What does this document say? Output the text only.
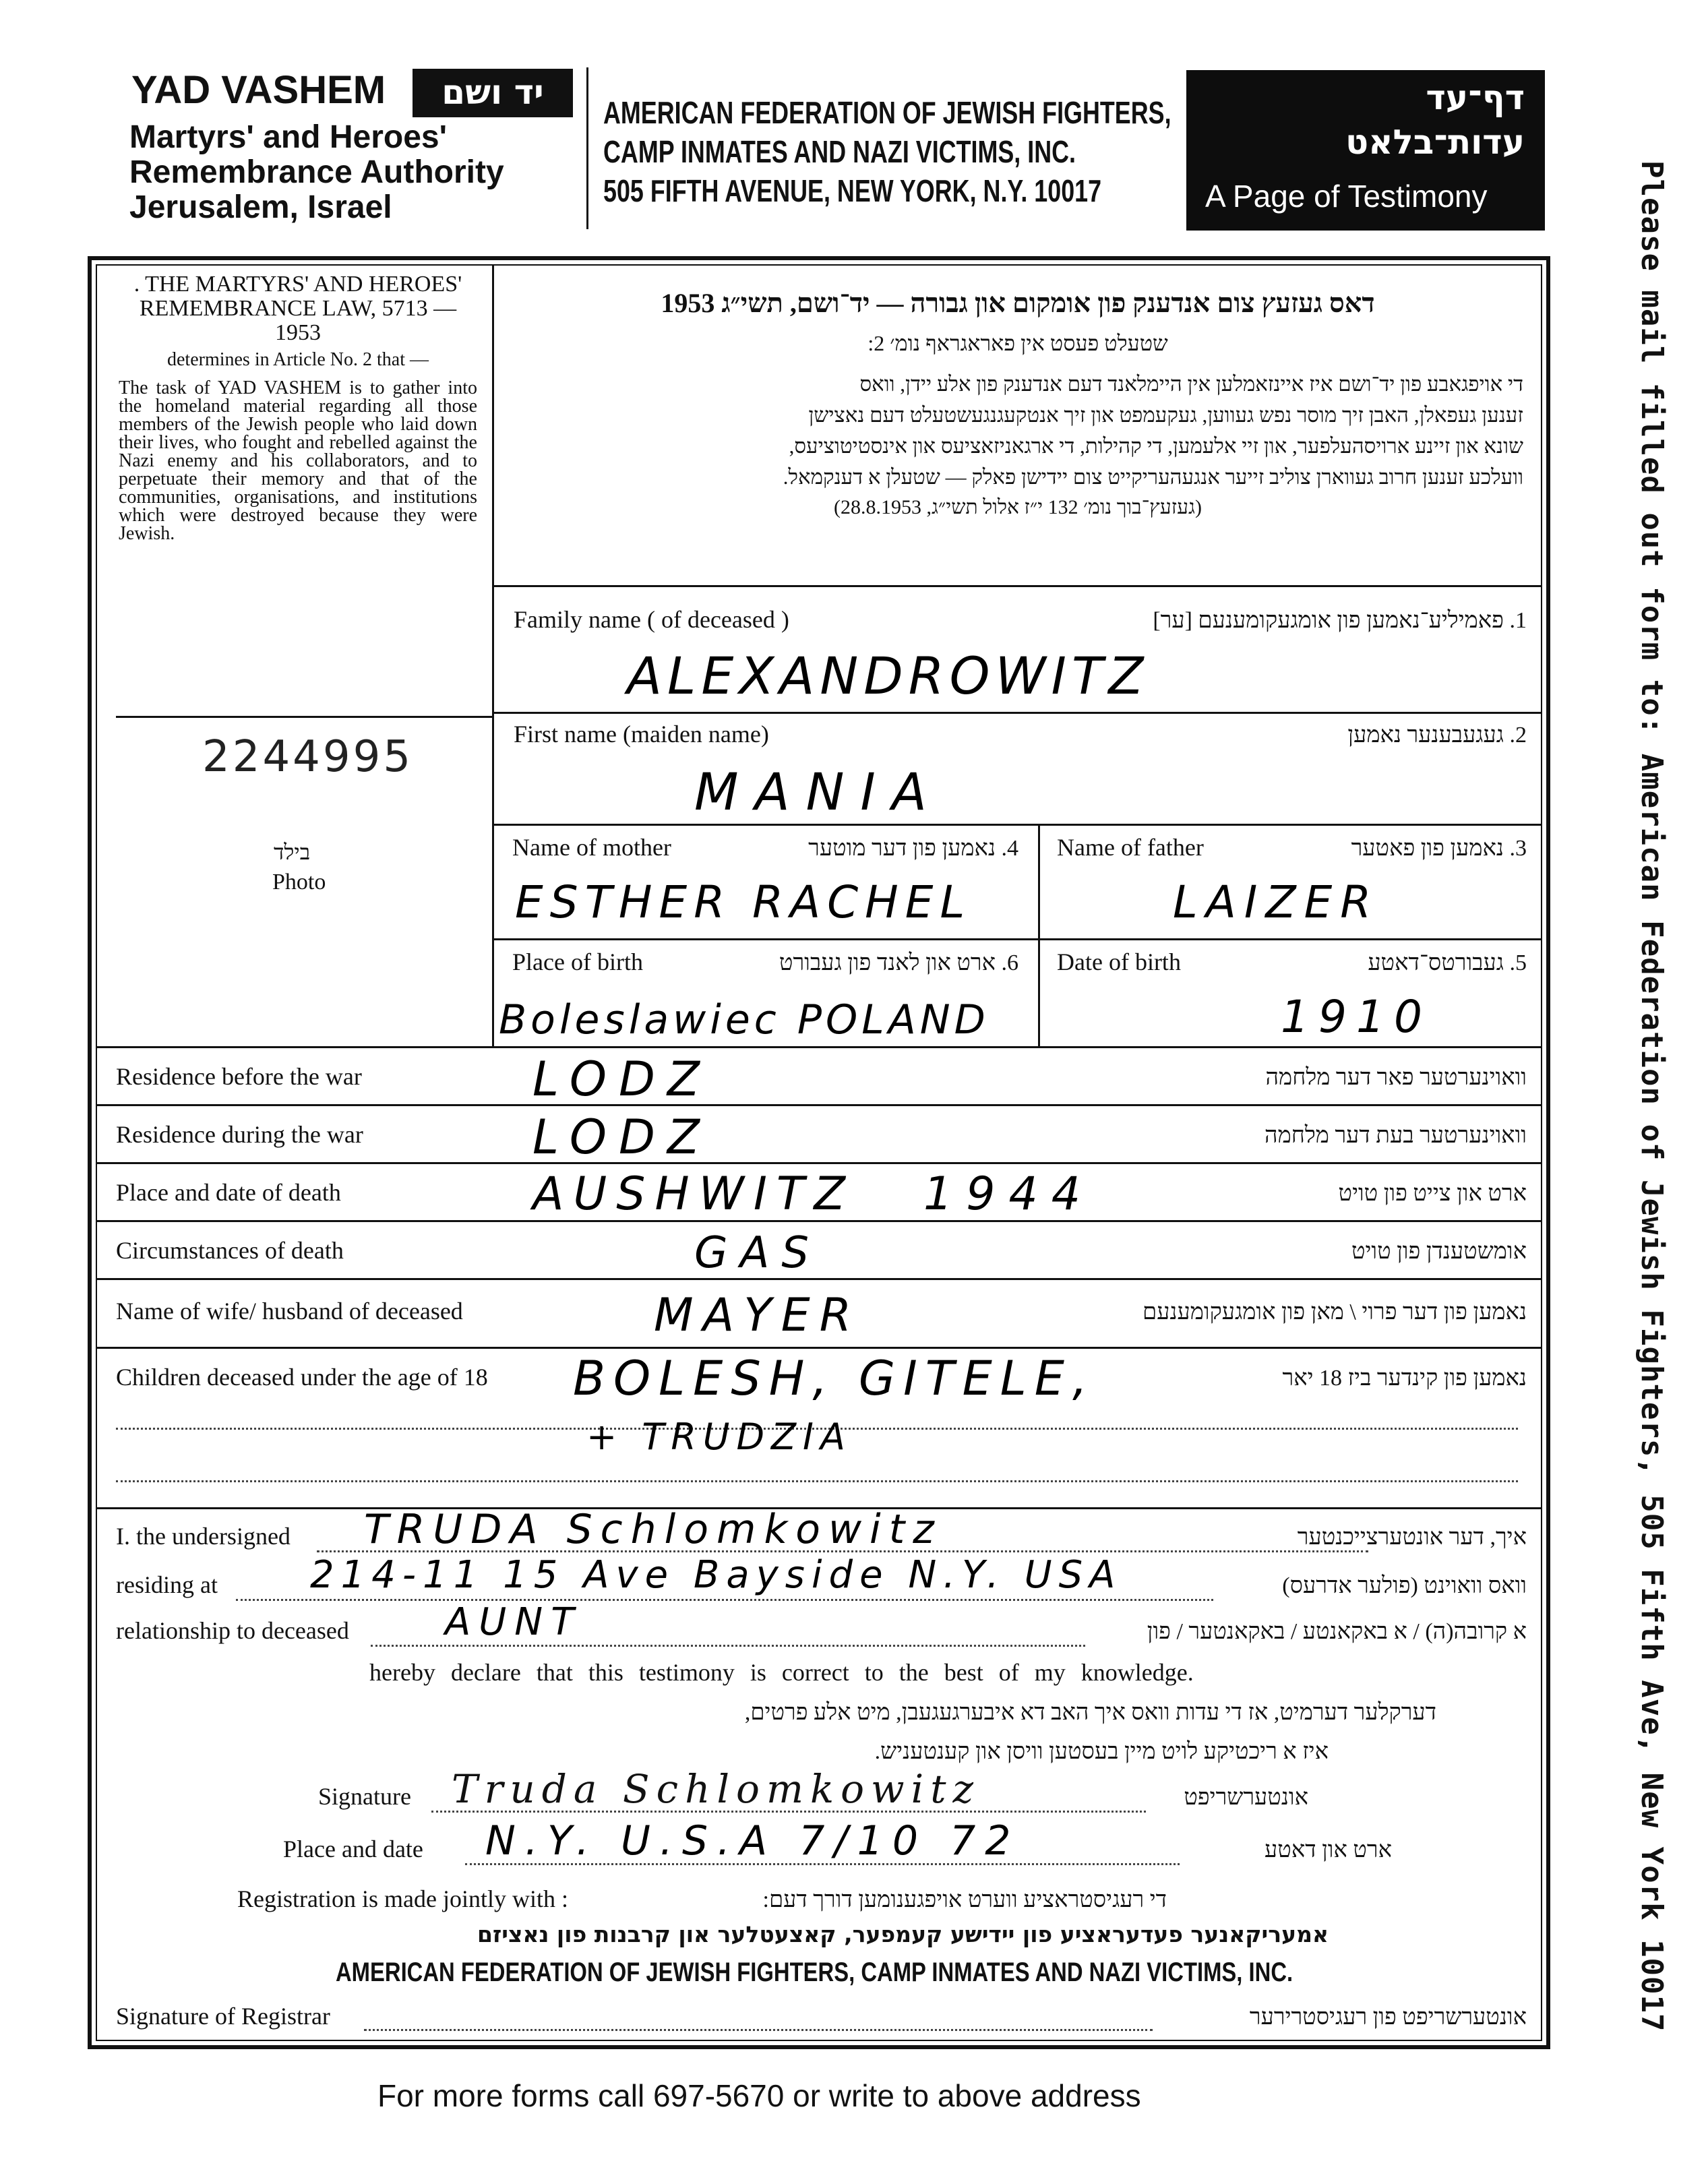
YAD VASHEM	יד ושם
Martyrs' and Heroes'
Remembrance Authority
Jerusalem, Israel
AMERICAN FEDERATION OF JEWISH FIGHTERS,
CAMP INMATES AND NAZI VICTIMS, INC.
505 FIFTH AVENUE, NEW YORK, N.Y. 10017
דף־עד
עדות־בלאט
A Page of Testimony	Please mail filled out form to: American Federation of Jewish Fighters, 505 Fifth Ave, New York 10017
. THE MARTYRS' AND HEROES' REMEMBRANCE LAW, 5713 — 1953
determines in Article No. 2 that —
The task of YAD VASHEM is to gather into the homeland material regarding all those members of the Jewish people who laid down their lives, who fought and rebelled against the Nazi enemy and his collaborators, and to perpetuate their memory and that of the communities, organisations, and institutions which were destroyed because they were Jewish.
2244995
בילד
Photo
דאס געזעץ צום אנדענק פון אומקום און גבורה — יד־ושם, תשי״ג 1953
שטעלט פעסט אין פאראגראף נומ׳ 2:
די אויפגאבע פון יד־ושם איז איינזאמלען אין היימלאנד דעם אנדענק פון אלע יידן, וואס
זענען געפאלן, האבן זיך מוסר נפש געווען, געקעמפט און זיך אנטקעגנגעשטעלט דעם נאצישן
שונא און זיינע ארויסהעלפער, און זיי אלעמען, די קהילות, די ארגאניזאציעס און אינסטיטוציעס,
וועלכע זענען חרוב געווארן צוליב זייער אנגעהעריקייט צום יידישן פאלק — שטעלן א דענקמאל.
(געזעץ־בוך נומ׳ 132 י״ז אלול תשי״ג, 28.8.1953)
Family name ( of deceased )	1. פאמיליע־נאמען פון אומגעקומענעם [ער]
ALEXANDROWITZ
First name (maiden name)	2. געגעבענער נאמען
MANIA
Name of mother	4. נאמען פון דער מוטער
ESTHER RACHEL
Name of father	3. נאמען פון פאטער
LAIZER
Place of birth	6. ארט און לאנד פון געבורט
Boleslawiec POLAND
Date of birth	5. געבורטס־דאטע
1910
Residence before the war	וואוינערטער פאר דער מלחמה
LODZ
Residence during the war	וואוינערטער בעת דער מלחמה
LODZ
Place and date of death	ארט און צייט פון טויט
AUSHWITZ 1944
Circumstances of death	אומשטענדן פון טויט
GAS
Name of wife/ husband of deceased	נאמען פון דער פרוי \ מאן פון אומגעקומענעם
MAYER
Children deceased under the age of 18	נאמען פון קינדער ביז 18 יאר
BOLESH, GITELE,
+ TRUDZIA
I. the undersigned TRUDA Schlomkowitz	איך, דער אונטערצייכנטער
residing at 214-11 15 Ave Bayside N.Y. USA	וואס וואוינט (פולער אדרעס)
relationship to deceased	AUNT	א קרובה(ה) / א באקאנטע / באקאנטער / פון
hereby declare that this testimony is correct to the best of my knowledge.
דערקלער דערמיט, אז די עדות וואס איך האב דא איבערגעגעבן, מיט אלע פרטים,
איז א ריכטיקע לויט מיין בעסטען וויסן און קענטעניש.
Signature Truda Schlomkowitz	אונטערשריפט
Place and date N.Y. U.S.A 7/10 72	ארט און דאטע
Registration is made jointly with :	די רעגיסטראציע ווערט אויפגענומען דורך דעם:
אמעריקאנער פעדעראציע פון יידישע קעמפער, קאצעטלער און קרבנות פון נאציזם
AMERICAN FEDERATION OF JEWISH FIGHTERS, CAMP INMATES AND NAZI VICTIMS, INC.
Signature of Registrar	אונטערשריפט פון רעגיסטרירער
For more forms call 697-5670 or write to above address
